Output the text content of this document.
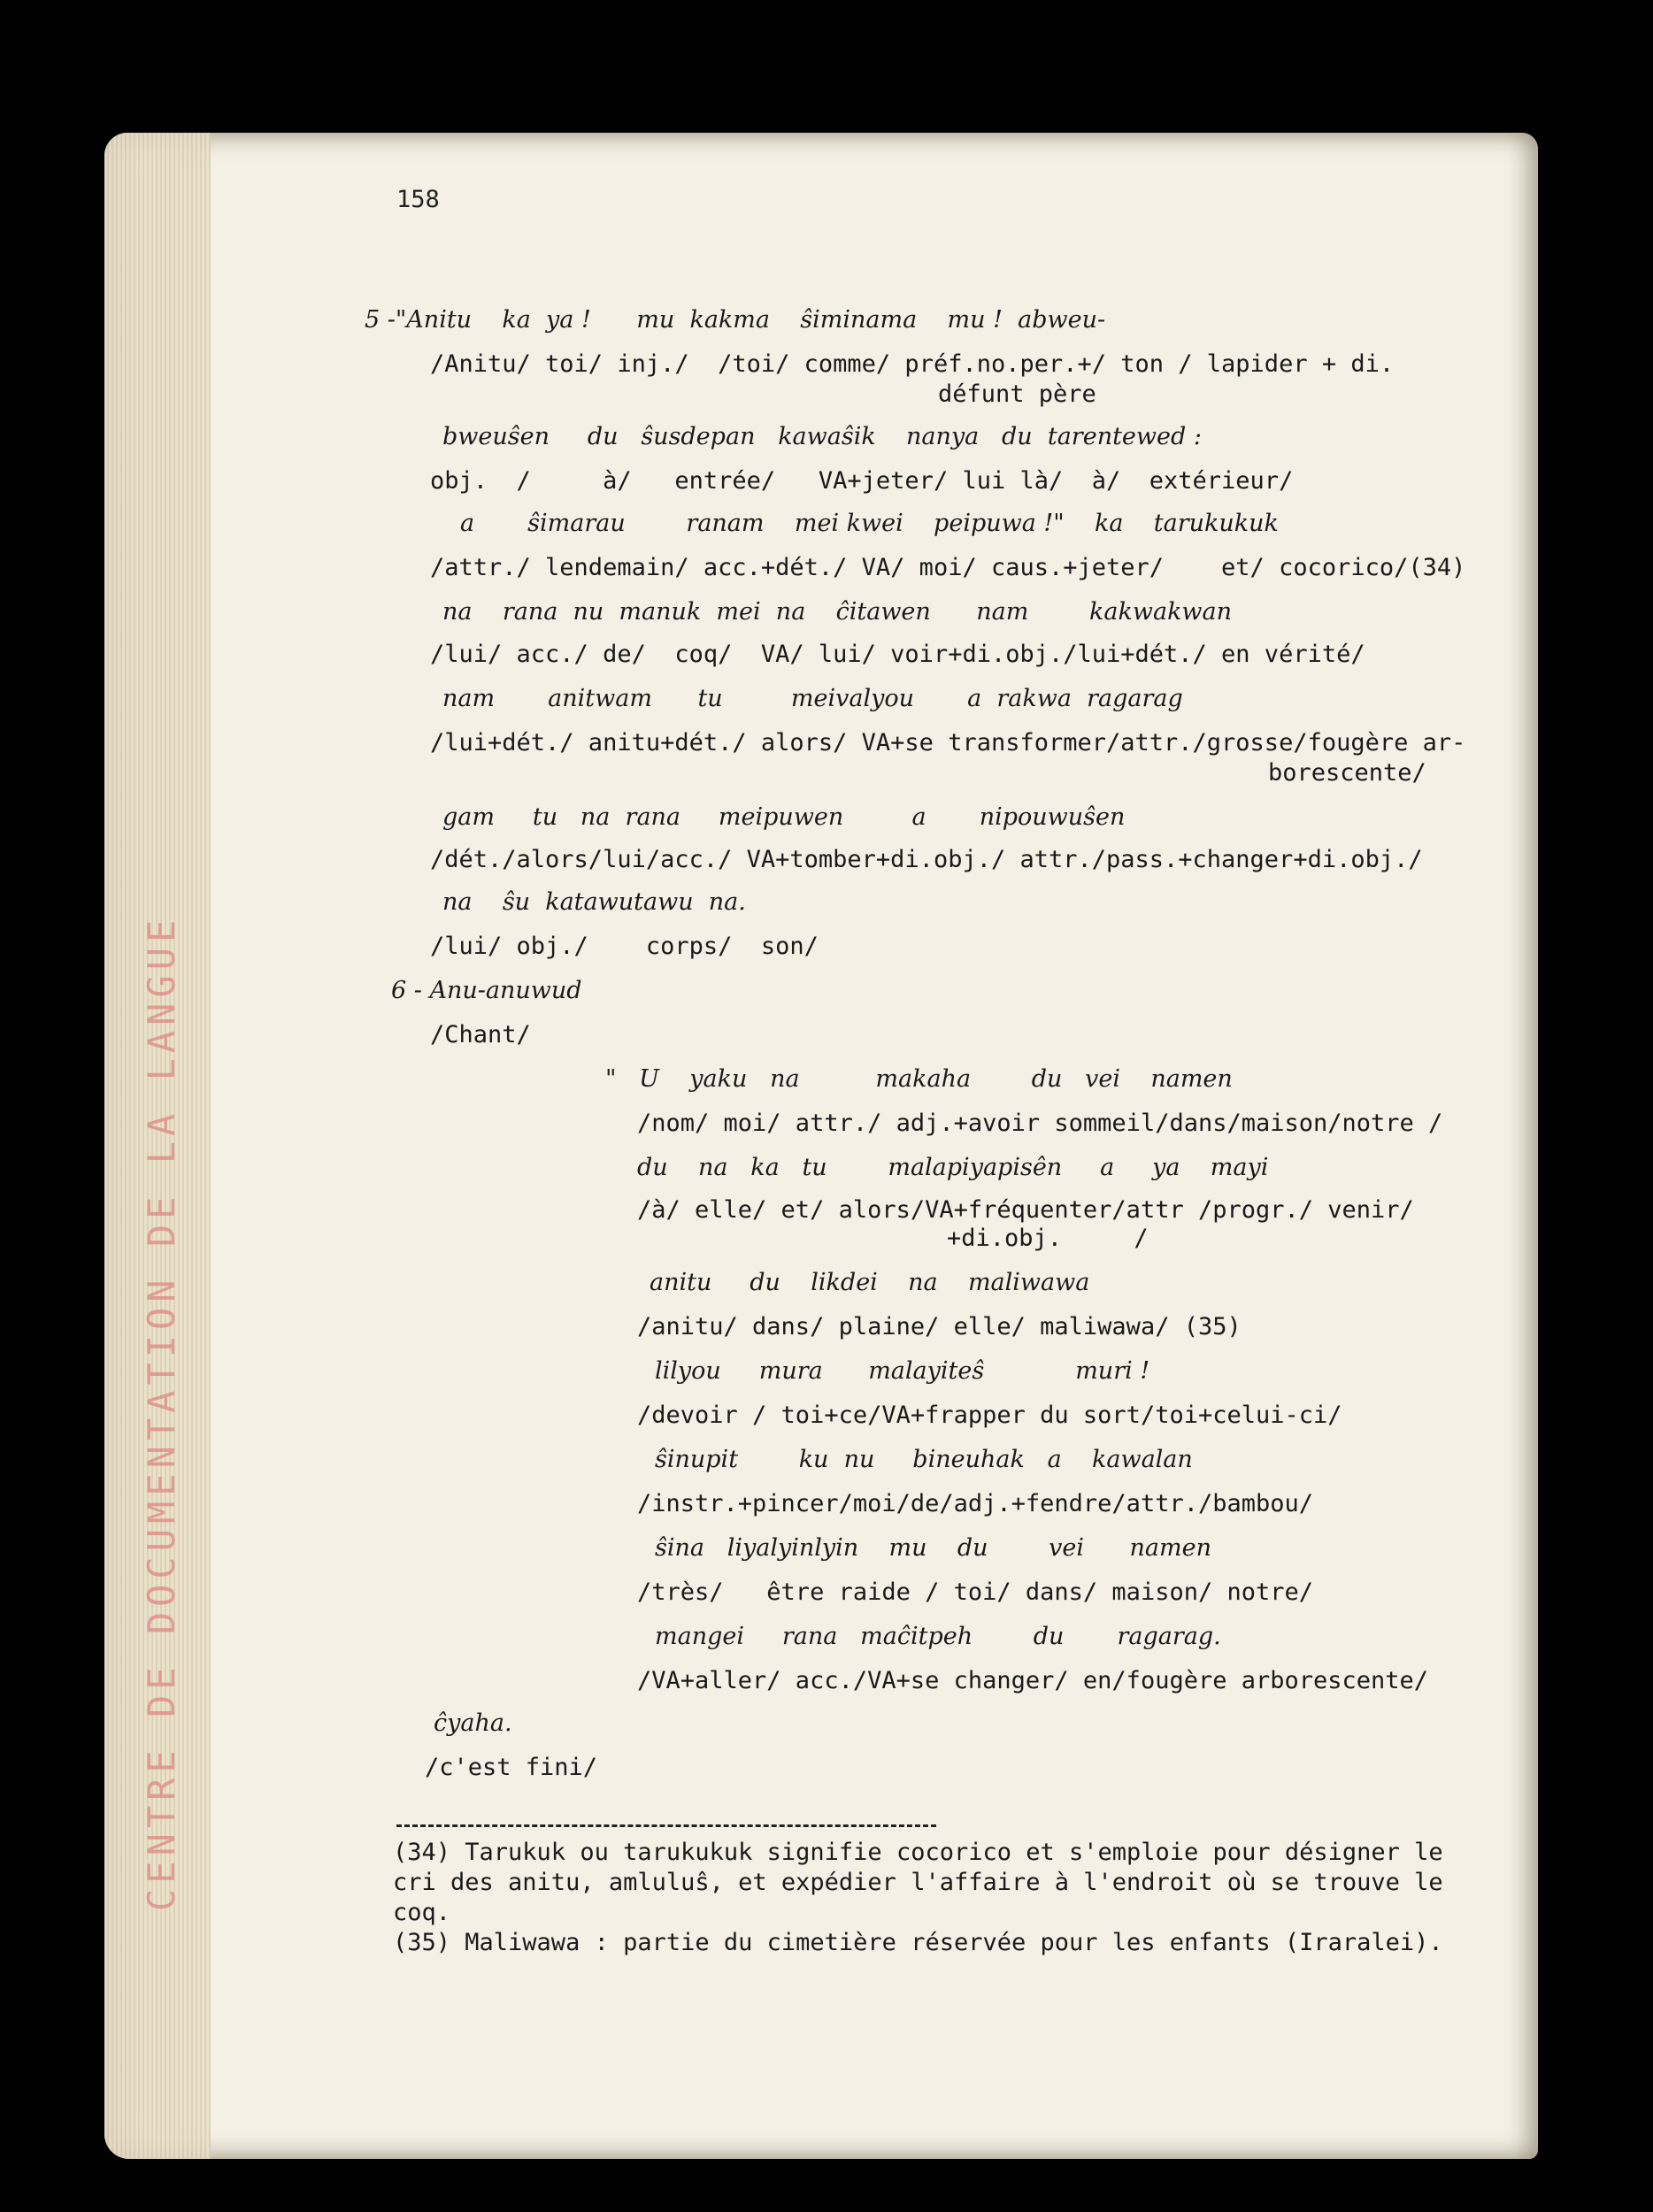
CENTRE DE DOCUMENTATION DE LA LANGUE
158
5 -"Anitu    ka  ya !      mu  kakma    ŝiminama    mu !  abweu-
/Anitu/ toi/ inj./  /toi/ comme/ préf.no.per.+/ ton / lapider + di.
défunt père
bweuŝen     du   ŝusdepan   kawaŝik    nanya   du  tarentewed :
obj.  /     à/   entrée/   VA+jeter/ lui là/  à/  extérieur/
a       ŝimarau        ranam    mei kwei    peipuwa !"    ka    tarukukuk
/attr./ lendemain/ acc.+dét./ VA/ moi/ caus.+jeter/    et/ cocorico/(34)
na    rana  nu  manuk  mei  na    ĉitawen      nam        kakwakwan
/lui/ acc./ de/  coq/  VA/ lui/ voir+di.obj./lui+dét./ en vérité/
nam       anitwam      tu         meivalyou       a  rakwa  ragarag
/lui+dét./ anitu+dét./ alors/ VA+se transformer/attr./grosse/fougère ar-
borescente/
gam     tu   na  rana     meipuwen         a       nipouwuŝen
/dét./alors/lui/acc./ VA+tomber+di.obj./ attr./pass.+changer+di.obj./
na    ŝu  katawutawu  na.
/lui/ obj./    corps/  son/
6 - Anu-anuwud
/Chant/
"   U    yaku   na          makaha        du   vei    namen
/nom/ moi/ attr./ adj.+avoir sommeil/dans/maison/notre /
du    na   ka   tu        malapiyapisên     a     ya    mayi
/à/ elle/ et/ alors/VA+fréquenter/attr /progr./ venir/
+di.obj.     /
anitu     du    likdei    na    maliwawa
/anitu/ dans/ plaine/ elle/ maliwawa/ (35)
lilyou     mura      malayiteŝ            muri !
/devoir / toi+ce/VA+frapper du sort/toi+celui-ci/
ŝinupit        ku  nu     bineuhak   a    kawalan
/instr.+pincer/moi/de/adj.+fendre/attr./bambou/
ŝina   liyalyinlyin    mu    du        vei      namen
/très/   être raide / toi/ dans/ maison/ notre/
mangei     rana   maĉitpeh        du       ragarag.
/VA+aller/ acc./VA+se changer/ en/fougère arborescente/
ĉyaha.
/c'est fini/
(34) Tarukuk ou tarukukuk signifie cocorico et s'emploie pour désigner le
cri des anitu, amluluŝ, et expédier l'affaire à l'endroit où se trouve le
coq.
(35) Maliwawa : partie du cimetière réservée pour les enfants (Iraralei).
